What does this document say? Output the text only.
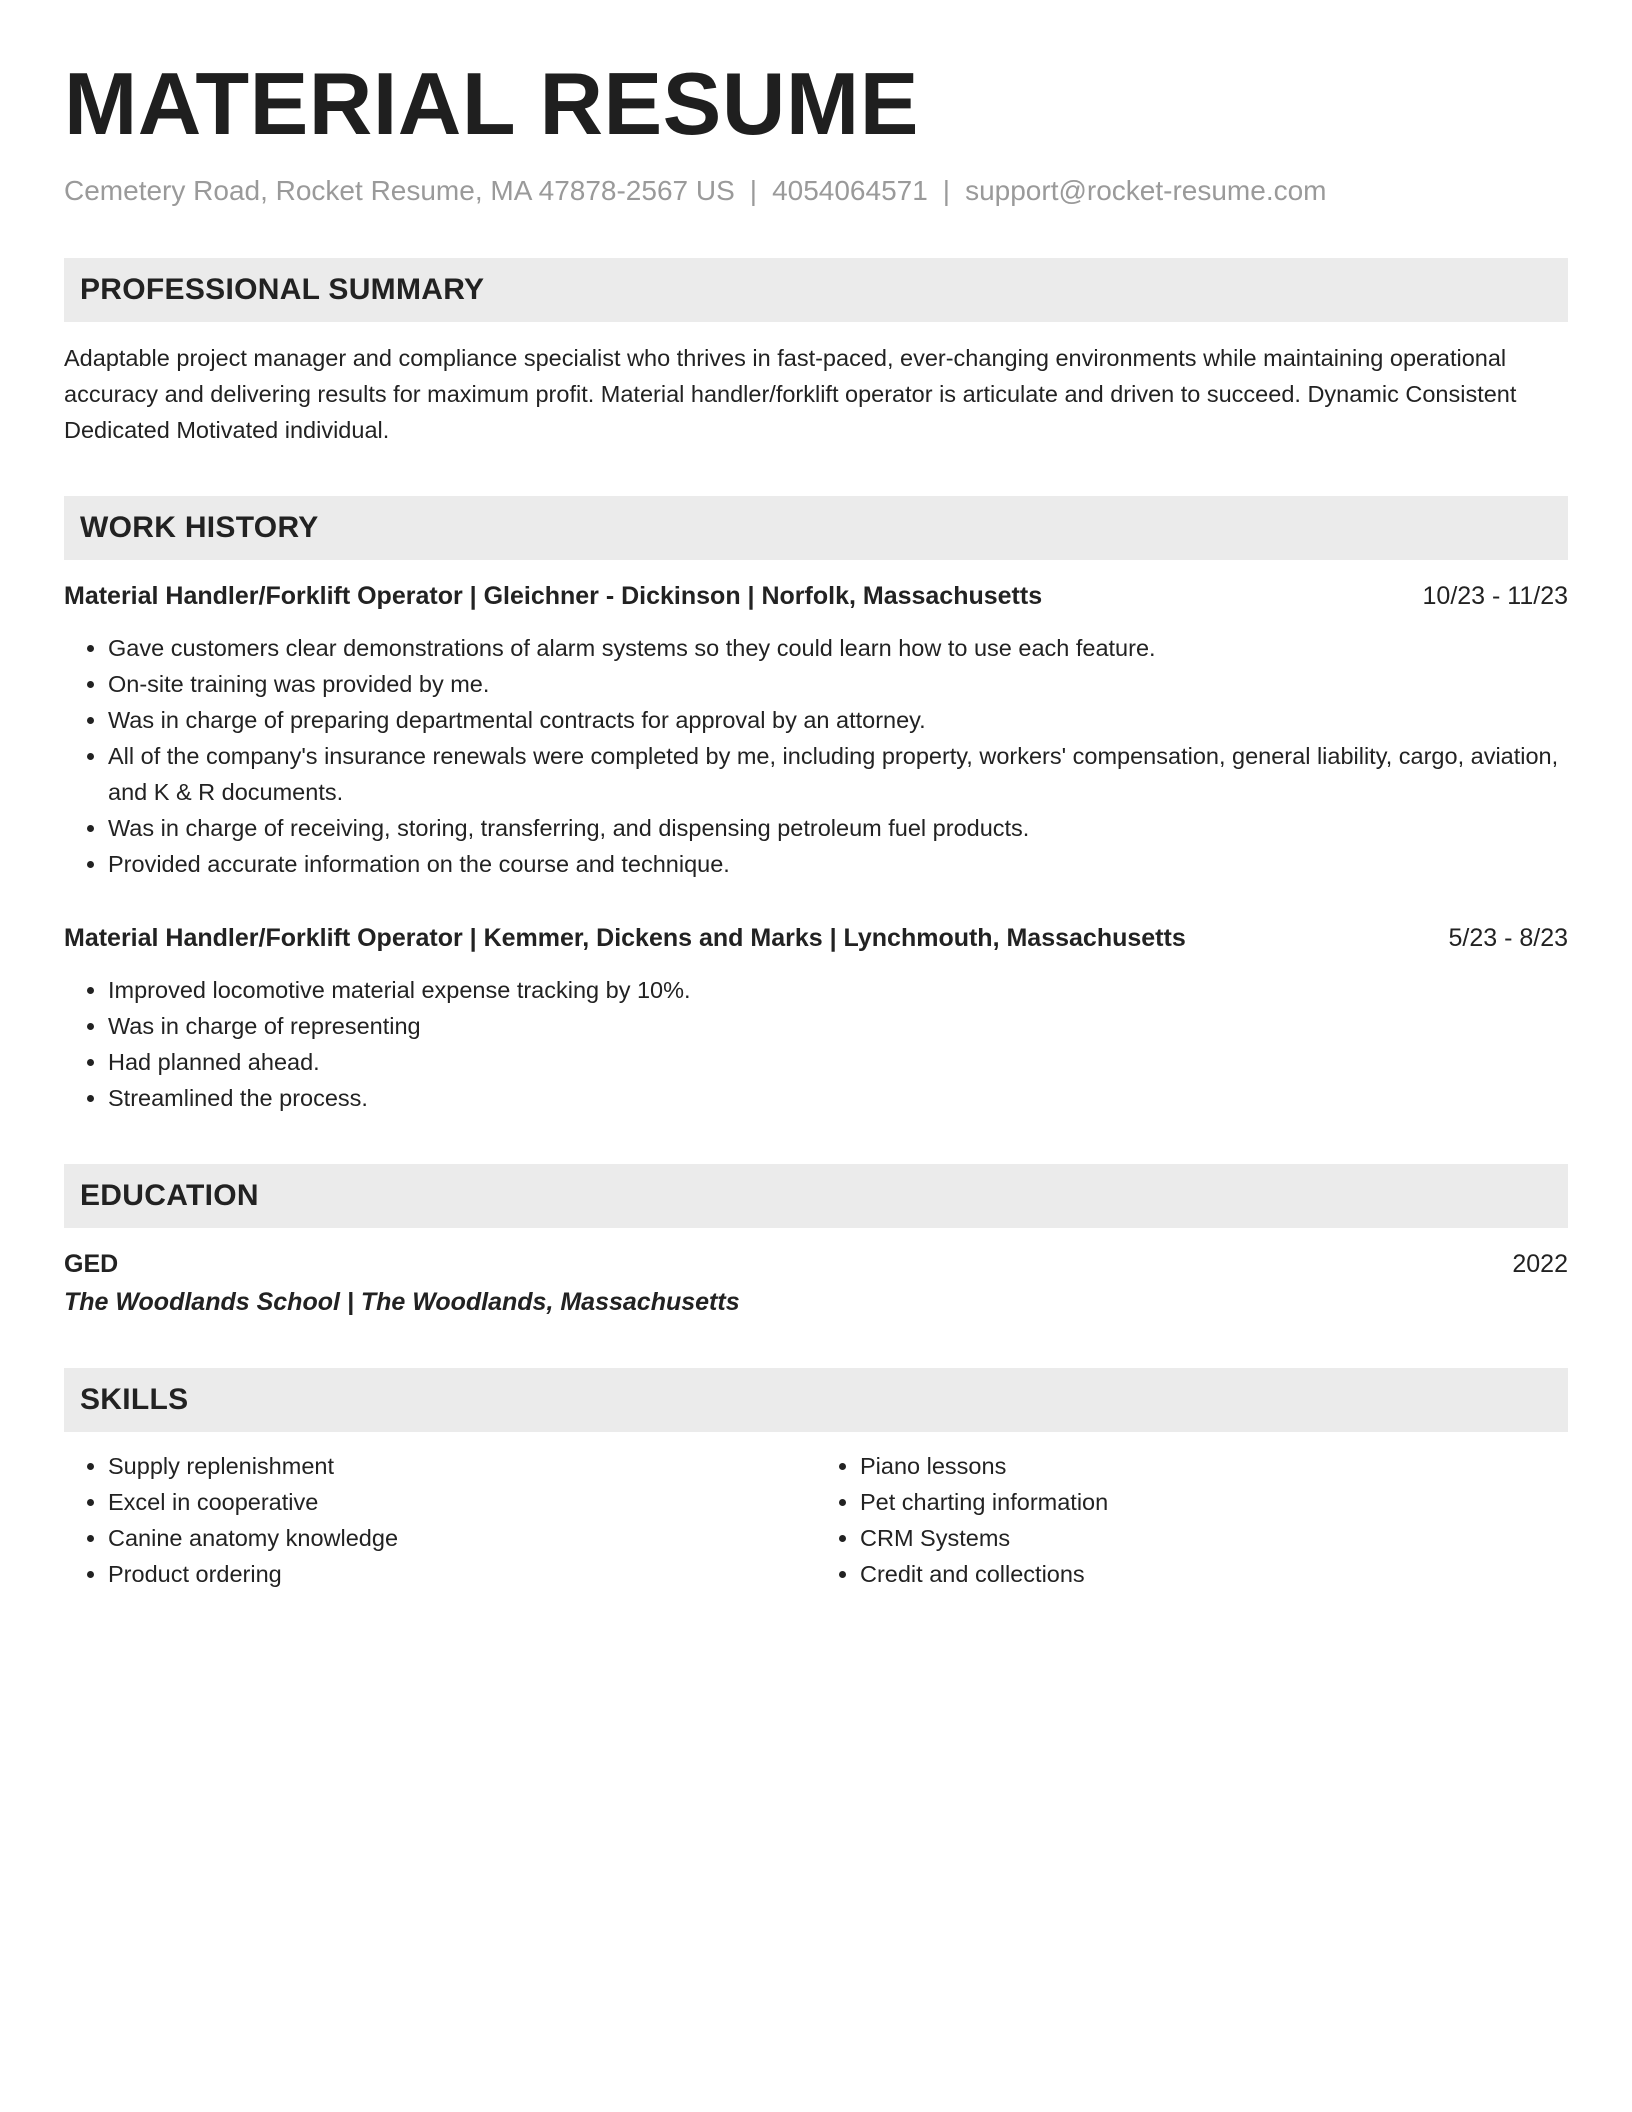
MATERIAL RESUME
Cemetery Road, Rocket Resume, MA 47878-2567 US | 4054064571 | support@rocket-resume.com
PROFESSIONAL SUMMARY
Adaptable project manager and compliance specialist who thrives in fast-paced, ever-changing environments while maintaining operational accuracy and delivering results for maximum profit. Material handler/forklift operator is articulate and driven to succeed. Dynamic Consistent Dedicated Motivated individual.
WORK HISTORY
Material Handler/Forklift Operator | Gleichner - Dickinson | Norfolk, Massachusetts	10/23 - 11/23
• Gave customers clear demonstrations of alarm systems so they could learn how to use each feature.
• On-site training was provided by me.
• Was in charge of preparing departmental contracts for approval by an attorney.
• All of the company's insurance renewals were completed by me, including property, workers' compensation, general liability, cargo, aviation, and K & R documents.
• Was in charge of receiving, storing, transferring, and dispensing petroleum fuel products.
• Provided accurate information on the course and technique.
Material Handler/Forklift Operator | Kemmer, Dickens and Marks | Lynchmouth, Massachusetts	5/23 - 8/23
• Improved locomotive material expense tracking by 10%.
• Was in charge of representing
• Had planned ahead.
• Streamlined the process.
EDUCATION
GED	2022
The Woodlands School | The Woodlands, Massachusetts
SKILLS
• Supply replenishment
• Excel in cooperative
• Canine anatomy knowledge
• Product ordering
• Piano lessons
• Pet charting information
• CRM Systems
• Credit and collections
